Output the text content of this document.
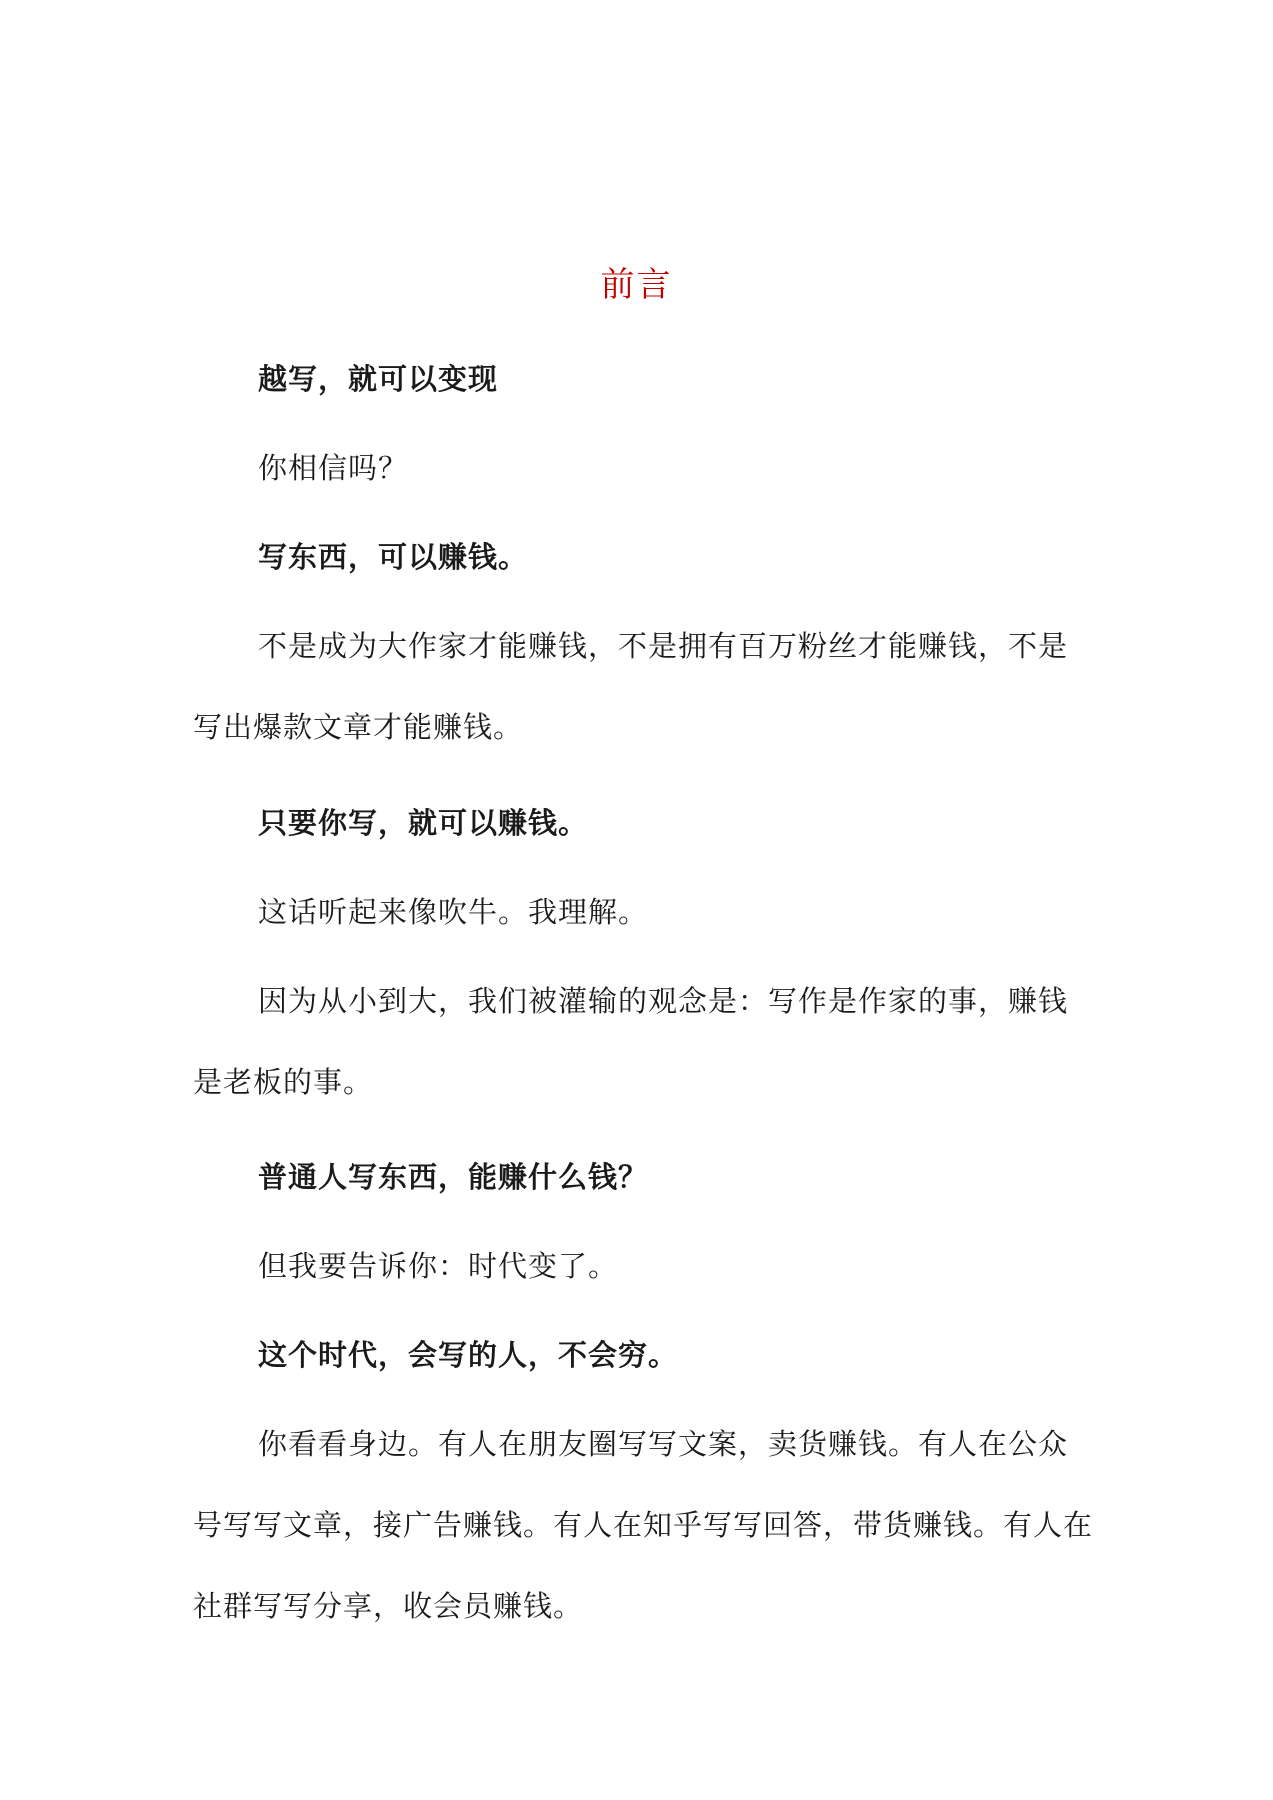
前言

越写，就可以变现

你相信吗？

写东西，可以赚钱。

不是成为大作家才能赚钱，不是拥有百万粉丝才能赚钱，不是写出爆款文章才能赚钱。

只要你写，就可以赚钱。

这话听起来像吹牛。我理解。

因为从小到大，我们被灌输的观念是：写作是作家的事，赚钱是老板的事。

普通人写东西，能赚什么钱？

但我要告诉你：时代变了。

这个时代，会写的人，不会穷。

你看看身边。有人在朋友圈写写文案，卖货赚钱。有人在公众号写写文章，接广告赚钱。有人在知乎写写回答，带货赚钱。有人在社群写写分享，收会员赚钱。
